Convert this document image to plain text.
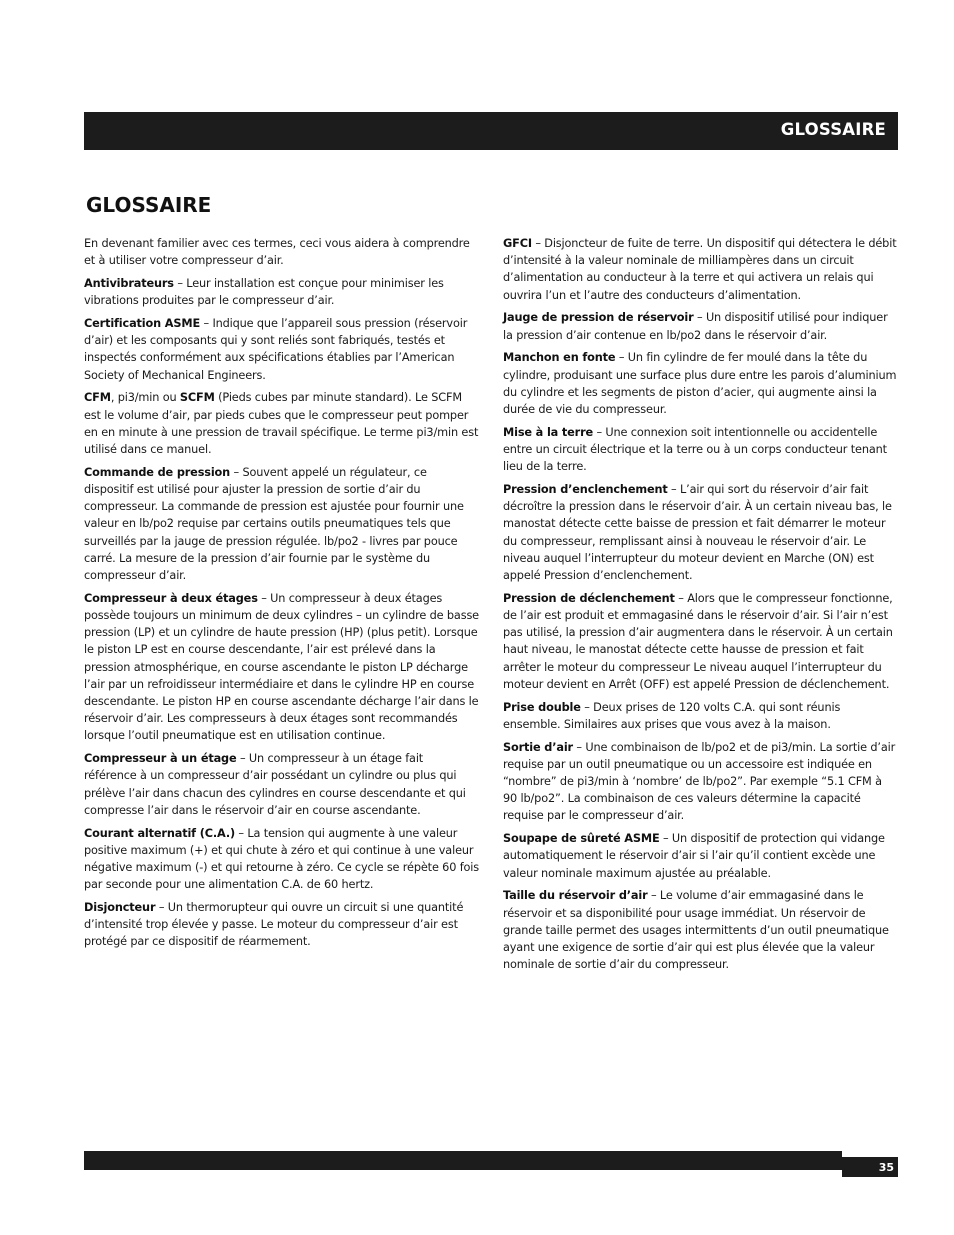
GLOSSAIRE
GLOSSAIRE

En devenant familier avec ces termes, ceci vous aidera à comprendre et à utiliser votre compresseur d’air.

Antivibrateurs – Leur installation est conçue pour minimiser les vibrations produites par le compresseur d’air.

Certification ASME – Indique que l’appareil sous pression (réservoir d’air) et les composants qui y sont reliés sont fabriqués, testés et inspectés conformément aux spécifications établies par l’American Society of Mechanical Engineers.

CFM, pi3/min ou SCFM (Pieds cubes par minute standard). Le SCFM est le volume d’air, par pieds cubes que le compresseur peut pomper en en minute à une pression de travail spécifique. Le terme pi3/min est utilisé dans ce manuel.

Commande de pression – Souvent appelé un régulateur, ce dispositif est utilisé pour ajuster la pression de sortie d’air du compresseur. La commande de pression est ajustée pour fournir une valeur en lb/po2 requise par certains outils pneumatiques tels que surveillés par la jauge de pression régulée. lb/po2 - livres par pouce carré. La mesure de la pression d’air fournie par le système du compresseur d’air.

Compresseur à deux étages – Un compresseur à deux étages possède toujours un minimum de deux cylindres – un cylindre de basse pression (LP) et un cylindre de haute pression (HP) (plus petit). Lorsque le piston LP est en course descendante, l’air est prélevé dans la pression atmosphérique, en course ascendante le piston LP décharge l’air par un refroidisseur intermédiaire et dans le cylindre HP en course descendante. Le piston HP en course ascendante décharge l’air dans le réservoir d’air. Les compresseurs à deux étages sont recommandés lorsque l’outil pneumatique est en utilisation continue.

Compresseur à un étage – Un compresseur à un étage fait référence à un compresseur d’air possédant un cylindre ou plus qui prélève l’air dans chacun des cylindres en course descendante et qui compresse l’air dans le réservoir d’air en course ascendante.

Courant alternatif (C.A.) – La tension qui augmente à une valeur positive maximum (+) et qui chute à zéro et qui continue à une valeur négative maximum (-) et qui retourne à zéro. Ce cycle se répète 60 fois par seconde pour une alimentation C.A. de 60 hertz.

Disjoncteur – Un thermorupteur qui ouvre un circuit si une quantité d’intensité trop élevée y passe. Le moteur du compresseur d’air est protégé par ce dispositif de réarmement.

GFCI – Disjoncteur de fuite de terre. Un dispositif qui détectera le débit d’intensité à la valeur nominale de milliampères dans un circuit d’alimentation au conducteur à la terre et qui activera un relais qui ouvrira l’un et l’autre des conducteurs d’alimentation.

Jauge de pression de réservoir – Un dispositif utilisé pour indiquer la pression d’air contenue en lb/po2 dans le réservoir d’air.

Manchon en fonte – Un fin cylindre de fer moulé dans la tête du cylindre, produisant une surface plus dure entre les parois d’aluminium du cylindre et les segments de piston d’acier, qui augmente ainsi la durée de vie du compresseur.

Mise à la terre – Une connexion soit intentionnelle ou accidentelle entre un circuit électrique et la terre ou à un corps conducteur tenant lieu de la terre.

Pression d’enclenchement – L’air qui sort du réservoir d’air fait décroître la pression dans le réservoir d’air. À un certain niveau bas, le manostat détecte cette baisse de pression et fait démarrer le moteur du compresseur, remplissant ainsi à nouveau le réservoir d’air. Le niveau auquel l’interrupteur du moteur devient en Marche (ON) est appelé Pression d’enclenchement.

Pression de déclenchement – Alors que le compresseur fonctionne, de l’air est produit et emmagasiné dans le réservoir d’air. Si l’air n’est pas utilisé, la pression d’air augmentera dans le réservoir. À un certain haut niveau, le manostat détecte cette hausse de pression et fait arrêter le moteur du compresseur Le niveau auquel l’interrupteur du moteur devient en Arrêt (OFF) est appelé Pression de déclenchement.

Prise double – Deux prises de 120 volts C.A. qui sont réunis ensemble. Similaires aux prises que vous avez à la maison.

Sortie d’air – Une combinaison de lb/po2 et de pi3/min. La sortie d’air requise par un outil pneumatique ou un accessoire est indiquée en “nombre” de pi3/min à ‘nombre’ de lb/po2”. Par exemple “5.1 CFM à 90 lb/po2”. La combinaison de ces valeurs détermine la capacité requise par le compresseur d’air.

Soupape de sûreté ASME – Un dispositif de protection qui vidange automatiquement le réservoir d’air si l’air qu’il contient excède une valeur nominale maximum ajustée au préalable.

Taille du réservoir d’air – Le volume d’air emmagasiné dans le réservoir et sa disponibilité pour usage immédiat. Un réservoir de grande taille permet des usages intermittents d’un outil pneumatique ayant une exigence de sortie d’air qui est plus élevée que la valeur nominale de sortie d’air du compresseur.

35
